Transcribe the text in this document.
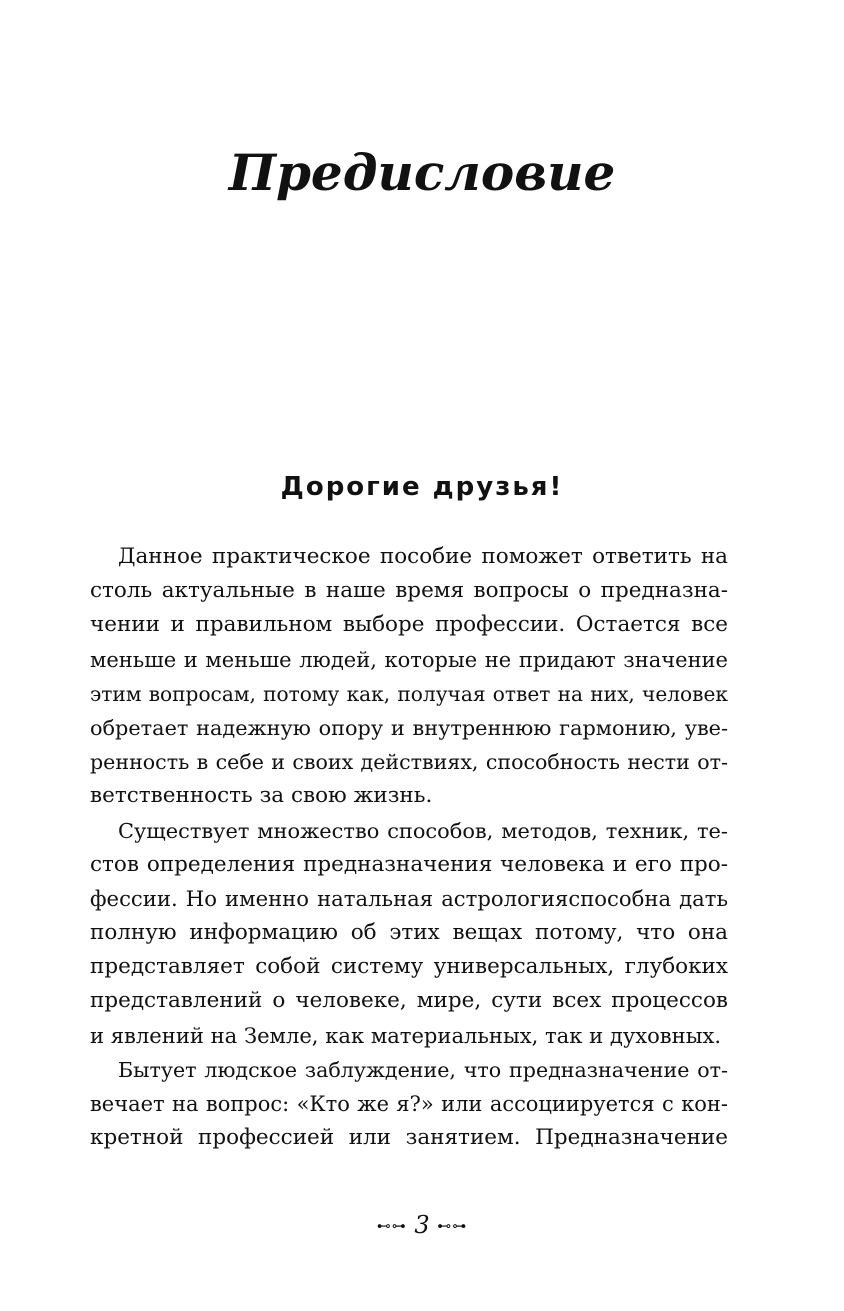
Предисловие
Дорогие друзья!

Данное практическое пособие поможет ответить на
столь актуальные в наше время вопросы о предназна-
чении и правильном выборе профессии. Остается все
меньше и меньше людей, которые не придают значение
этим вопросам, потому как, получая ответ на них, человек
обретает надежную опору и внутреннюю гармонию, уве-
ренность в себе и своих действиях, способность нести от-
ветственность за свою жизнь.

Существует множество способов, методов, техник, те-
стов определения предназначения человека и его про-
фессии. Но именно натальная астрологияспособна дать
полную информацию об этих вещах потому, что она
представляет собой систему универсальных, глубоких
представлений о человеке, мире, сути всех процессов
и явлений на Земле, как материальных, так и духовных.

Бытует людское заблуждение, что предназначение от-
вечает на вопрос: «Кто же я?» или ассоциируется с кон-
кретной профессией или занятием. Предназначение

⊷⊶ 3 ⊷⊶
